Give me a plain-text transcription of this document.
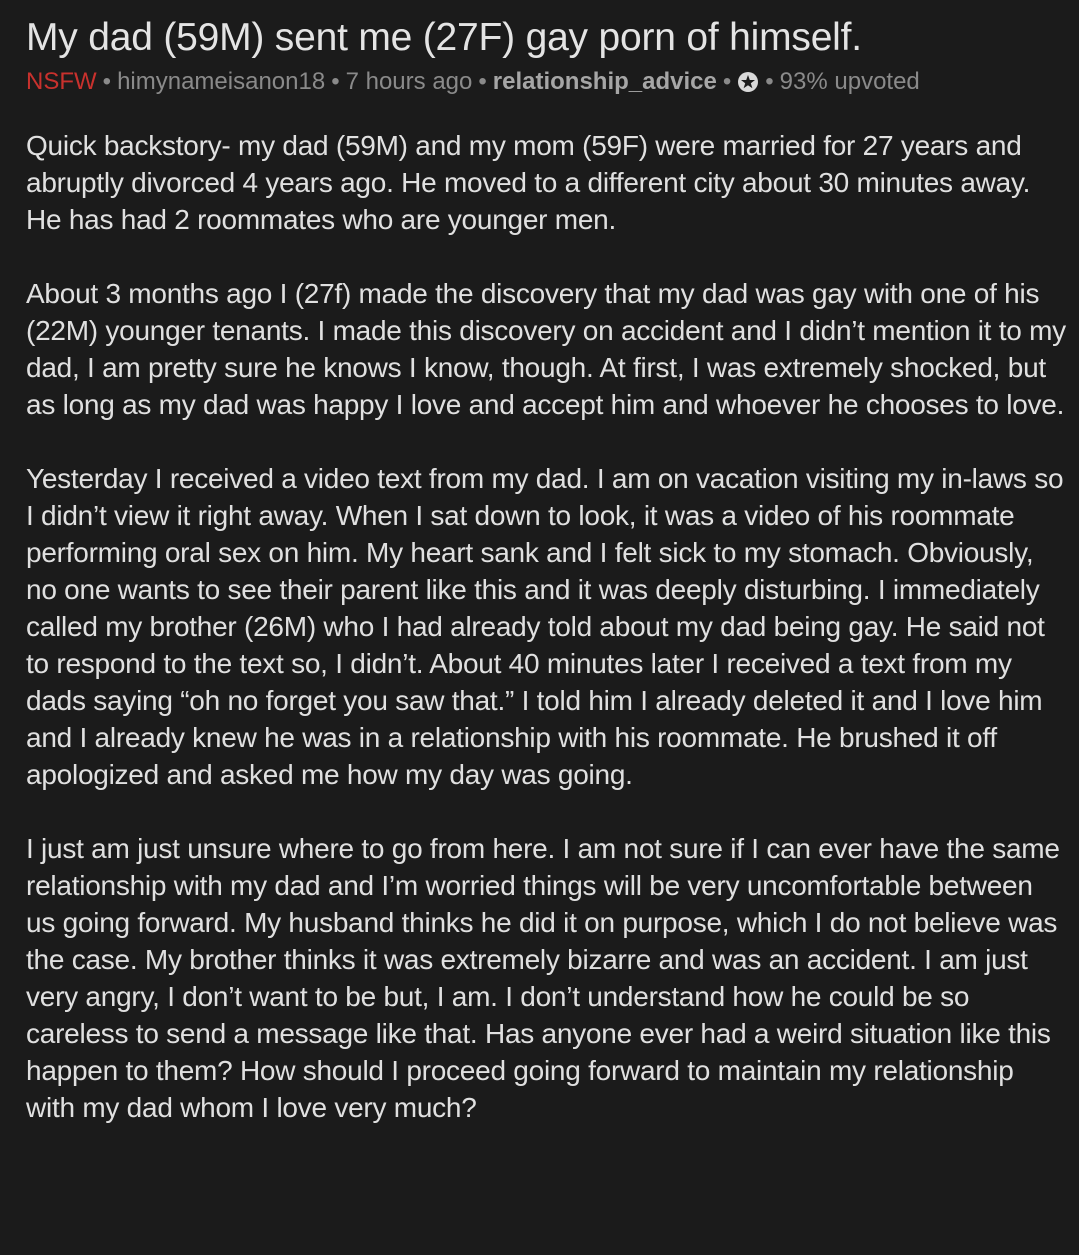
My dad (59M) sent me (27F) gay porn of himself.
NSFW • himynameisanon18 • 7 hours ago • relationship_advice • • 93% upvoted

Quick backstory- my dad (59M) and my mom (59F) were married for 27 years and abruptly divorced 4 years ago. He moved to a different city about 30 minutes away. He has had 2 roommates who are younger men.

About 3 months ago I (27f) made the discovery that my dad was gay with one of his (22M) younger tenants. I made this discovery on accident and I didn’t mention it to my dad, I am pretty sure he knows I know, though. At first, I was extremely shocked, but as long as my dad was happy I love and accept him and whoever he chooses to love.

Yesterday I received a video text from my dad. I am on vacation visiting my in-laws so I didn’t view it right away. When I sat down to look, it was a video of his roommate performing oral sex on him. My heart sank and I felt sick to my stomach. Obviously, no one wants to see their parent like this and it was deeply disturbing. I immediately called my brother (26M) who I had already told about my dad being gay. He said not to respond to the text so, I didn’t. About 40 minutes later I received a text from my dads saying “oh no forget you saw that.” I told him I already deleted it and I love him and I already knew he was in a relationship with his roommate. He brushed it off apologized and asked me how my day was going.

I just am just unsure where to go from here. I am not sure if I can ever have the same relationship with my dad and I’m worried things will be very uncomfortable between us going forward. My husband thinks he did it on purpose, which I do not believe was the case. My brother thinks it was extremely bizarre and was an accident. I am just very angry, I don’t want to be but, I am. I don’t understand how he could be so careless to send a message like that. Has anyone ever had a weird situation like this happen to them? How should I proceed going forward to maintain my relationship with my dad whom I love very much?
